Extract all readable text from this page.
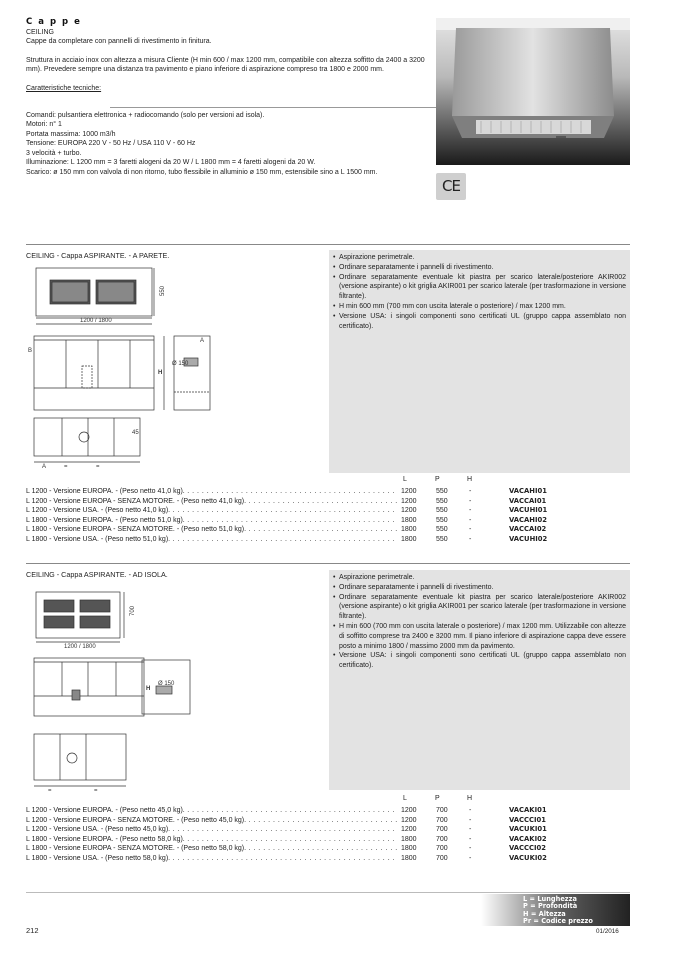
Cappe

CEILING

Cappe da completare con pannelli di rivestimento in finitura.

Struttura in acciaio inox con altezza a misura Cliente (H min 600 / max 1200 mm, compatibile con altezza soffitto da 2400 a 3200 mm). Prevedere sempre una distanza tra pavimento e piano inferiore di aspirazione compreso tra 1800 e 2000 mm.

Caratteristiche tecniche:

Comandi: pulsantiera elettronica + radiocomando (solo per versioni ad isola).

Motori: n° 1

Portata massima: 1000 m3/h

Tensione: EUROPA 220 V - 50 Hz / USA 110 V - 60 Hz

3 velocità + turbo.

Illuminazione: L 1200 mm = 3 faretti alogeni da 20 W / L 1800 mm = 4 faretti alogeni da 20 W.

Scarico: ø 150 mm con valvola di non ritorno, tubo flessibile in alluminio ø 150 mm, estensibile sino a L 1500 mm.

CE
CEILING - Cappa ASPIRANTE. - A PARETE.
550
1200 / 1800
Ø 150
H
45
B
A
A	=	=
• Aspirazione perimetrale.
• Ordinare separatamente i pannelli di rivestimento.
• Ordinare separatamente eventuale kit piastra per scarico laterale/posteriore AKIR002 (versione aspirante) o kit griglia AKIR001 per scarico laterale (per trasformazione in versione filtrante).
• H min 600 mm (700 mm con uscita laterale o posteriore) / max 1200 mm.
• Versione USA: i singoli componenti sono certificati UL (gruppo cappa assemblato non certificato).
L	P	H
L 1200 - Versione EUROPA. - (Peso netto 41,0 kg). . . .	1200	550	-	VACAHI01
L 1200 - Versione EUROPA - SENZA MOTORE. - (Peso netto 41,0 kg). . . .	1200	550	-	VACCAI01
L 1200 - Versione USA. - (Peso netto 41,0 kg). . . .	1200	550	-	VACUHI01
L 1800 - Versione EUROPA. - (Peso netto 51,0 kg). . . .	1800	550	-	VACAHI02
L 1800 - Versione EUROPA - SENZA MOTORE. - (Peso netto 51,0 kg). . . .	1800	550	-	VACCAI02
L 1800 - Versione USA. - (Peso netto 51,0 kg). . . .	1800	550	-	VACUHI02
CEILING - Cappa ASPIRANTE. - AD ISOLA.
700
1200 / 1800
Ø 150
H
=	=
• Aspirazione perimetrale.
• Ordinare separatamente i pannelli di rivestimento.
• Ordinare separatamente eventuale kit piastra per scarico laterale/posteriore AKIR002 (versione aspirante) o kit griglia AKIR001 per scarico laterale (per trasformazione in versione filtrante).
• H min 600 (700 mm con uscita laterale o posteriore) / max 1200 mm. Utilizzabile con altezze di soffitto comprese tra 2400 e 3200 mm. Il piano inferiore di aspirazione cappa deve essere posto a minimo 1800 / massimo 2000 mm da pavimento.
• Versione USA: i singoli componenti sono certificati UL (gruppo cappa assemblato non certificato).
L	P	H
L 1200 - Versione EUROPA. - (Peso netto 45,0 kg). . . .	1200	700	-	VACAKI01
L 1200 - Versione EUROPA - SENZA MOTORE. - (Peso netto 45,0 kg). . . .	1200	700	-	VACCCI01
L 1200 - Versione USA. - (Peso netto 45,0 kg). . . .	1200	700	-	VACUKI01
L 1800 - Versione EUROPA. - (Peso netto 58,0 kg). . . .	1800	700	-	VACAKI02
L 1800 - Versione EUROPA - SENZA MOTORE. - (Peso netto 58,0 kg). . . .	1800	700	-	VACCCI02
L 1800 - Versione USA. - (Peso netto 58,0 kg). . . .	1800	700	-	VACUKI02
L = Lunghezza
P = Profondità
H = Altezza
Pr = Codice prezzo
212	01/2016
